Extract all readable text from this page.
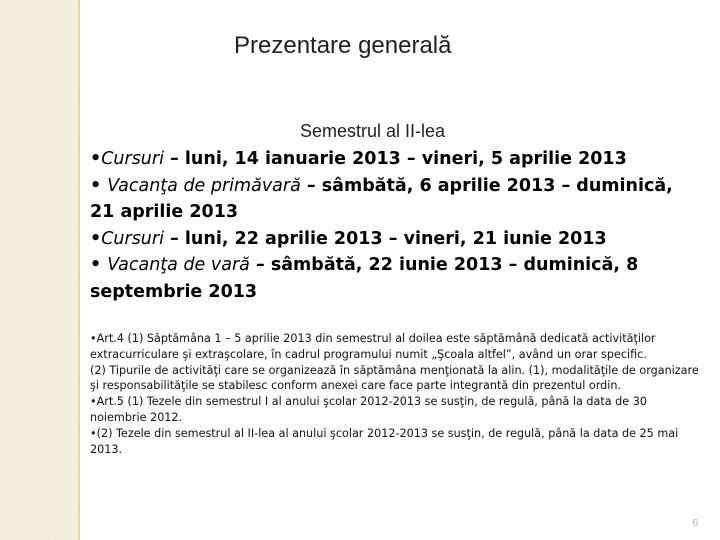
Prezentare generală
Semestrul al II-lea

•Cursuri – luni, 14 ianuarie 2013 – vineri, 5 aprilie 2013

• Vacanţa de primăvară – sâmbătă, 6 aprilie 2013 – duminică, 21 aprilie 2013

•Cursuri – luni, 22 aprilie 2013 – vineri, 21 iunie 2013

• Vacanţa de vară – sâmbătă, 22 iunie 2013 – duminică, 8 septembrie 2013

•Art.4 (1) Săptămâna 1 – 5 aprilie 2013 din semestrul al doilea este săptămână dedicată activităţilor extracurriculare şi extraşcolare, în cadrul programului numit „Şcoala altfel”, având un orar specific.

(2) Tipurile de activităţi care se organizează în săptămâna menţionată la alin. (1), modalităţile de organizare şi responsabilităţile se stabilesc conform anexei care face parte integrantă din prezentul ordin.

•Art.5 (1) Tezele din semestrul I al anului şcolar 2012-2013 se susţin, de regulă, până la data de 30 noiembrie 2012.

•(2) Tezele din semestrul al II-lea al anului şcolar 2012-2013 se susţin, de regulă, până la data de 25 mai 2013.

6
